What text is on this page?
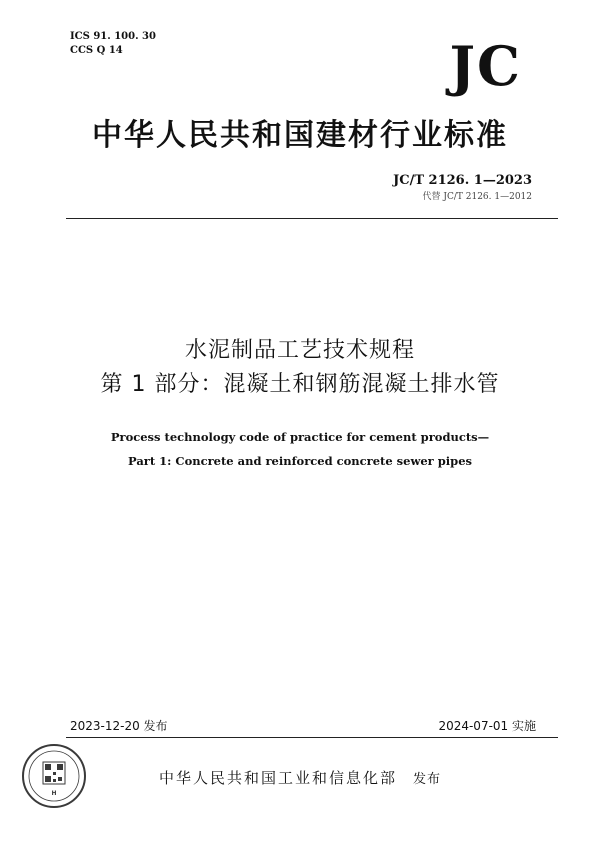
ICS 91. 100. 30
CCS Q 14	JC
中华人民共和国建材行业标准
JC/T 2126. 1—2023
代替 JC/T 2126. 1—2012
水泥制品工艺技术规程
第 1 部分：混凝土和钢筋混凝土排水管
Process technology code of practice for cement products—
Part 1: Concrete and reinforced concrete sewer pipes
2023-12-20 发布	2024-07-01 实施
H
中华人民共和国工业和信息化部 发布
